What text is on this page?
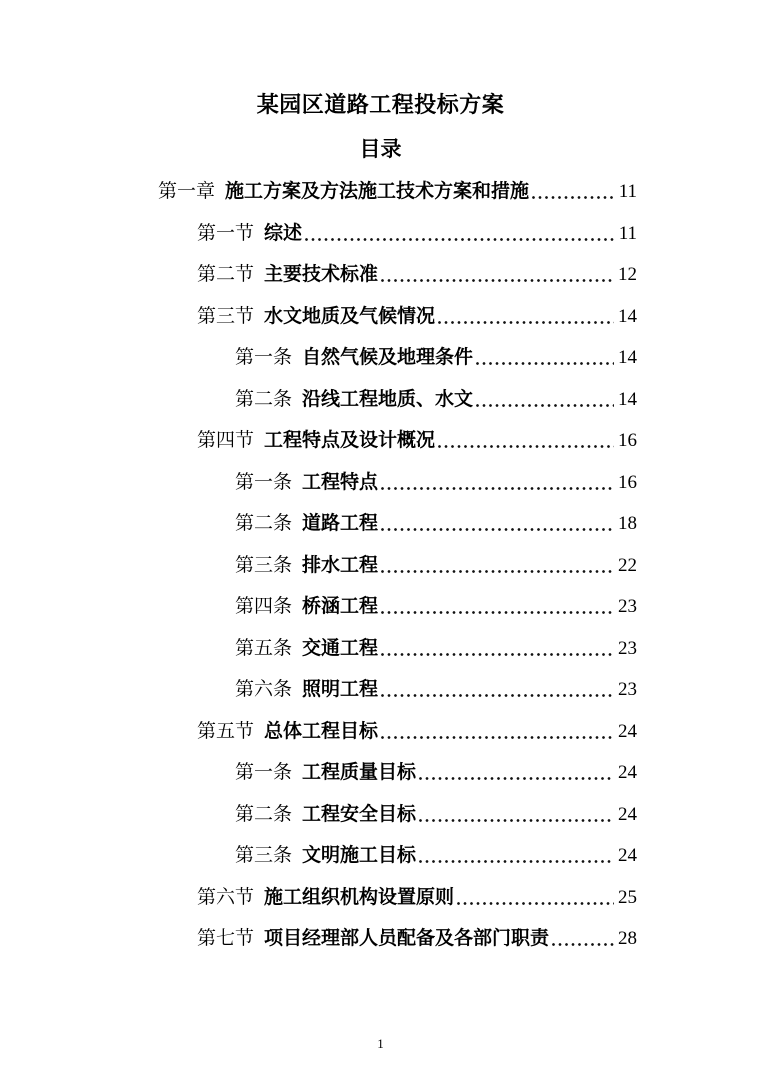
某园区道路工程投标方案
目录
第一章 施工方案及方法施工技术方案和措施	11
第一节 综述	11
第二节 主要技术标准	12
第三节 水文地质及气候情况	14
第一条 自然气候及地理条件	14
第二条 沿线工程地质、水文	14
第四节 工程特点及设计概况	16
第一条 工程特点	16
第二条 道路工程	18
第三条 排水工程	22
第四条 桥涵工程	23
第五条 交通工程	23
第六条 照明工程	23
第五节 总体工程目标	24
第一条 工程质量目标	24
第二条 工程安全目标	24
第三条 文明施工目标	24
第六节 施工组织机构设置原则	25
第七节 项目经理部人员配备及各部门职责	28
1
